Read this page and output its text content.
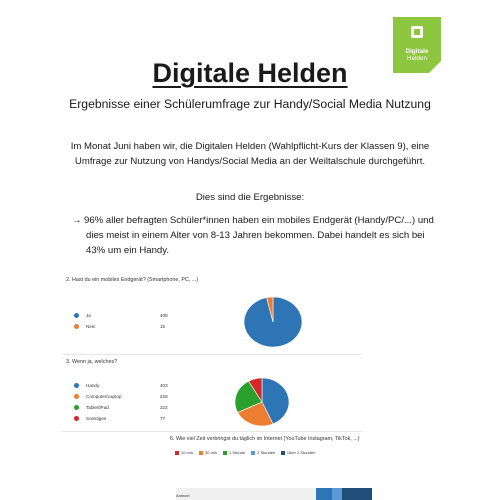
Digitale
Helden
Digitale Helden
Ergebnisse einer Schülerumfrage zur Handy/Social Media Nutzung
Im Monat Juni haben wir, die Digitalen Helden (Wahlpflicht-Kurs der Klassen 9), eine Umfrage zur Nutzung von Handys/Social Media an der Weiltalschule durchgeführt.
Dies sind die Ergebnisse:
→ 96% aller befragten Schüler*innen haben ein mobiles Endgerät (Handy/PC/...) und dies meist in einem Alter von 8-13 Jahren bekommen. Dabei handelt es sich bei 43% um ein Handy.
2. Hast du ein mobiles Endgerät? (Smartphone, PC, ...)
Ja	408
Nein	15
3. Wenn ja, welches?
Handy	403
Computer/Laptop	228
Tablet/iPad	222
Sonstiges	77
6. Wie viel Zeit verbringst du täglich im Internet (YouTube Instagram, TikTok, ...)
10 min	30 min	1 Stunde	2 Stunden	Über 2 Stunden
Antwort
